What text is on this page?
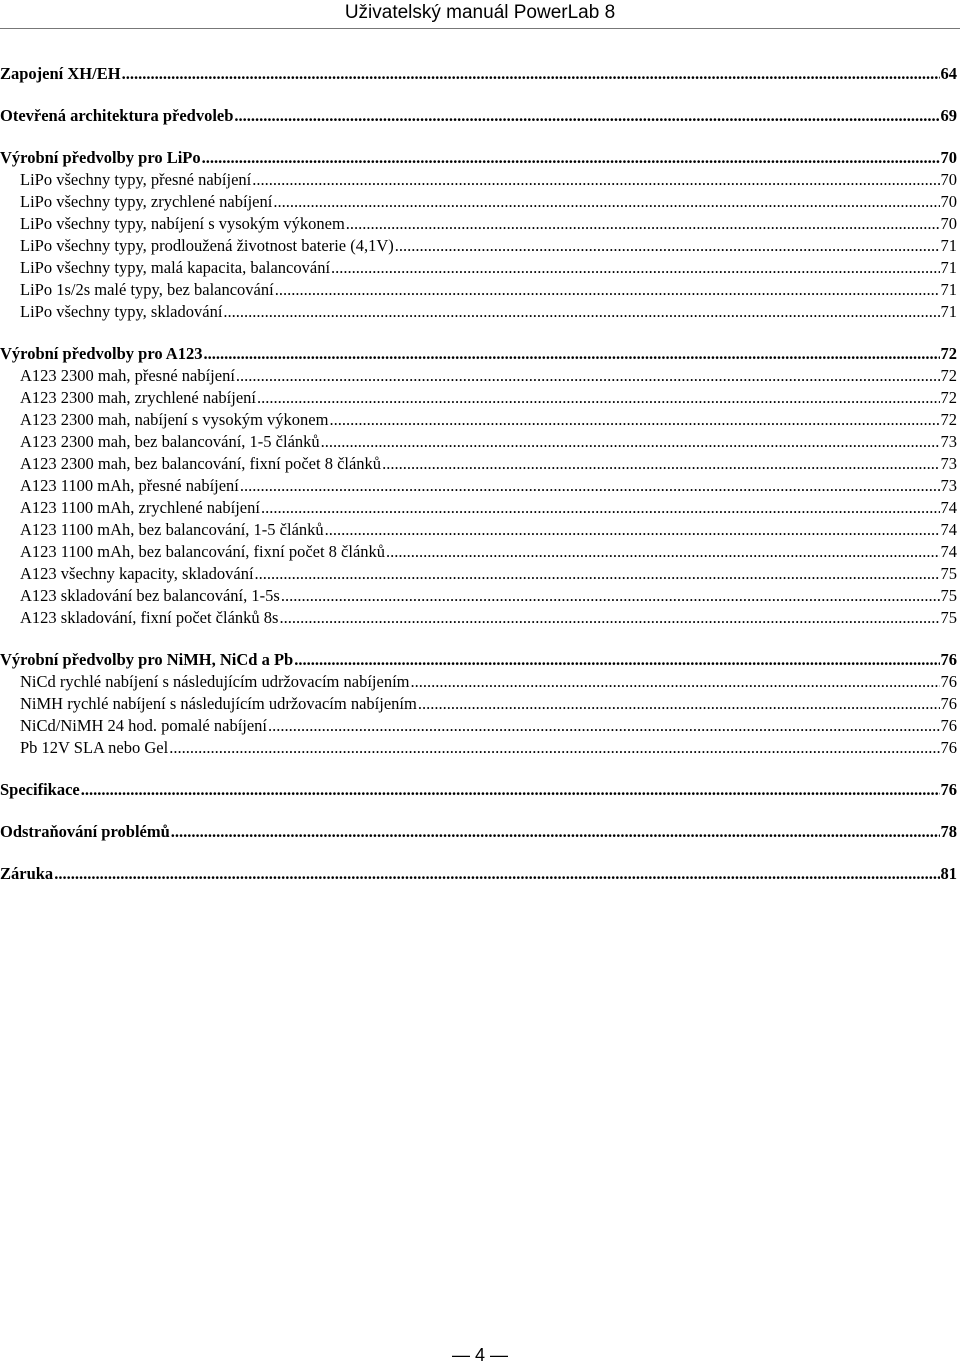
Uživatelský manuál PowerLab 8
Zapojení XH/EH .....	64
Otevřená architektura předvoleb .....	69
Výrobní předvolby pro LiPo .....	70
LiPo všechny typy, přesné nabíjení .....	70
LiPo všechny typy, zrychlené nabíjení .....	70
LiPo všechny typy, nabíjení s vysokým výkonem .....	70
LiPo všechny typy, prodloužená životnost baterie (4,1V) .....	71
LiPo všechny typy, malá kapacita, balancování .....	71
LiPo 1s/2s malé typy, bez balancování .....	71
LiPo všechny typy, skladování .....	71
Výrobní předvolby pro A123 .....	72
A123 2300 mah, přesné nabíjení .....	72
A123 2300 mah, zrychlené nabíjení .....	72
A123 2300 mah, nabíjení s vysokým výkonem .....	72
A123 2300 mah, bez balancování, 1-5 článků .....	73
A123 2300 mah, bez balancování, fixní počet 8 článků .....	73
A123 1100 mAh, přesné nabíjení .....	73
A123 1100 mAh, zrychlené nabíjení .....	74
A123 1100 mAh, bez balancování, 1-5 článků .....	74
A123 1100 mAh, bez balancování, fixní počet 8 článků .....	74
A123 všechny kapacity, skladování .....	75
A123 skladování bez balancování, 1-5s .....	75
A123 skladování, fixní počet článků 8s .....	75
Výrobní předvolby pro NiMH, NiCd a Pb .....	76
NiCd rychlé nabíjení s následujícím udržovacím nabíjením .....	76
NiMH rychlé nabíjení s následujícím udržovacím nabíjením .....	76
NiCd/NiMH 24 hod. pomalé nabíjení .....	76
Pb 12V SLA nebo Gel .....	76
Specifikace .....	76
Odstraňování problémů .....	78
Záruka .....	81
— 4 —
